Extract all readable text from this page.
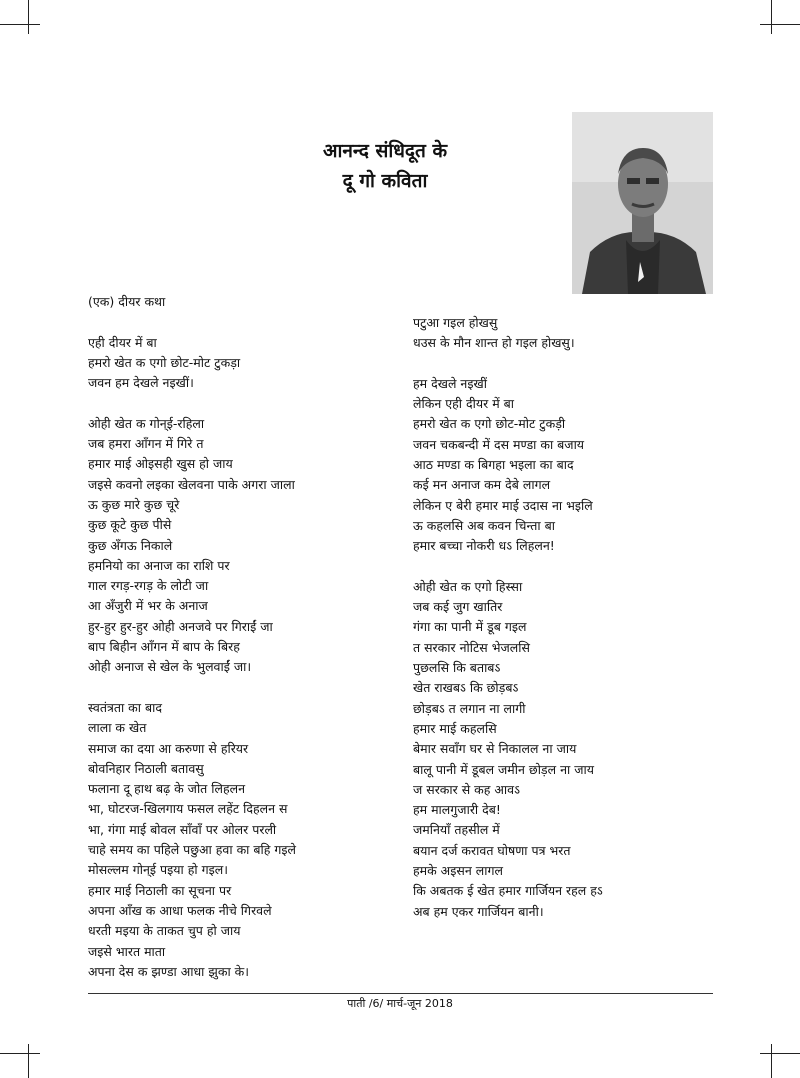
आनन्द संधिदूत के
दू गो कविता
(एक) दीयर कथा
एही दीयर में बा
हमरो खेत क एगो छोट-मोट टुकड़ा
जवन हम देखले नइखीं।
ओही खेत क गोन्ई-रहिला
जब हमरा आँगन में गिरे त
हमार माई ओइसही खुस हो जाय
जइसे कवनो लइका खेलवना पाके अगरा जाला
ऊ कुछ मारे कुछ चूरे
कुछ कूटे कुछ पीसे
कुछ अँगऊ निकाले
हमनियो का अनाज का राशि पर
गाल रगड़-रगड़ के लोटी जा
आ अँजुरी में भर के अनाज
हुर-हुर हुर-हुर ओही अनजवे पर गिराईं जा
बाप बिहीन आँगन में बाप के बिरह
ओही अनाज से खेल के भुलवाईं जा।
स्वतंत्रता का बाद
लाला क खेत
समाज का दया आ करुणा से हरियर
बोवनिहार निठाली बतावसु
फलाना दू हाथ बढ़ के जोत लिहलन
भा, घोटरज-खिलगाय फसल लहेंट दिहलन स
भा, गंगा माई बोवल साँवाँ पर ओलर परली
चाहे समय का पहिले पछुआ हवा का बहि गइले
मोसल्लम गोन्ई पइया हो गइल।
हमार माई निठाली का सूचना पर
अपना आँख क आधा फलक नीचे गिरवले
धरती मइया के ताकत चुप हो जाय
जइसे भारत माता
अपना देस क झण्डा आधा झुका के।
पटुआ गइल होखसु
धउस के मौन शान्त हो गइल होखसु।
हम देखले नइखीं
लेकिन एही दीयर में बा
हमरो खेत क एगो छोट-मोट टुकड़ी
जवन चकबन्दी में दस मण्डा का बजाय
आठ मण्डा क बिगहा भइला का बाद
कई मन अनाज कम देबे लागल
लेकिन ए बेरी हमार माई उदास ना भइलि
ऊ कहलसि अब कवन चिन्ता बा
हमार बच्चा नोकरी धऽ लिहलन!
ओही खेत क एगो हिस्सा
जब कई जुग खातिर
गंगा का पानी में डूब गइल
त सरकार नोटिस भेजलसि
पुछलसि कि बताबऽ
खेत राखबऽ कि छोड़बऽ
छोड़बऽ त लगान ना लागी
हमार माई कहलसि
बेमार सवाँग घर से निकालल ना जाय
बालू पानी में डूबल जमीन छोड़ल ना जाय
ज सरकार से कह आवऽ
हम मालगुजारी देब!
जमनियाँ तहसील में
बयान दर्ज करावत घोषणा पत्र भरत
हमके अइसन लागल
कि अबतक ई खेत हमार गार्जियन रहल हऽ
अब हम एकर गार्जियन बानी।
पाती /6/ मार्च-जून 2018
